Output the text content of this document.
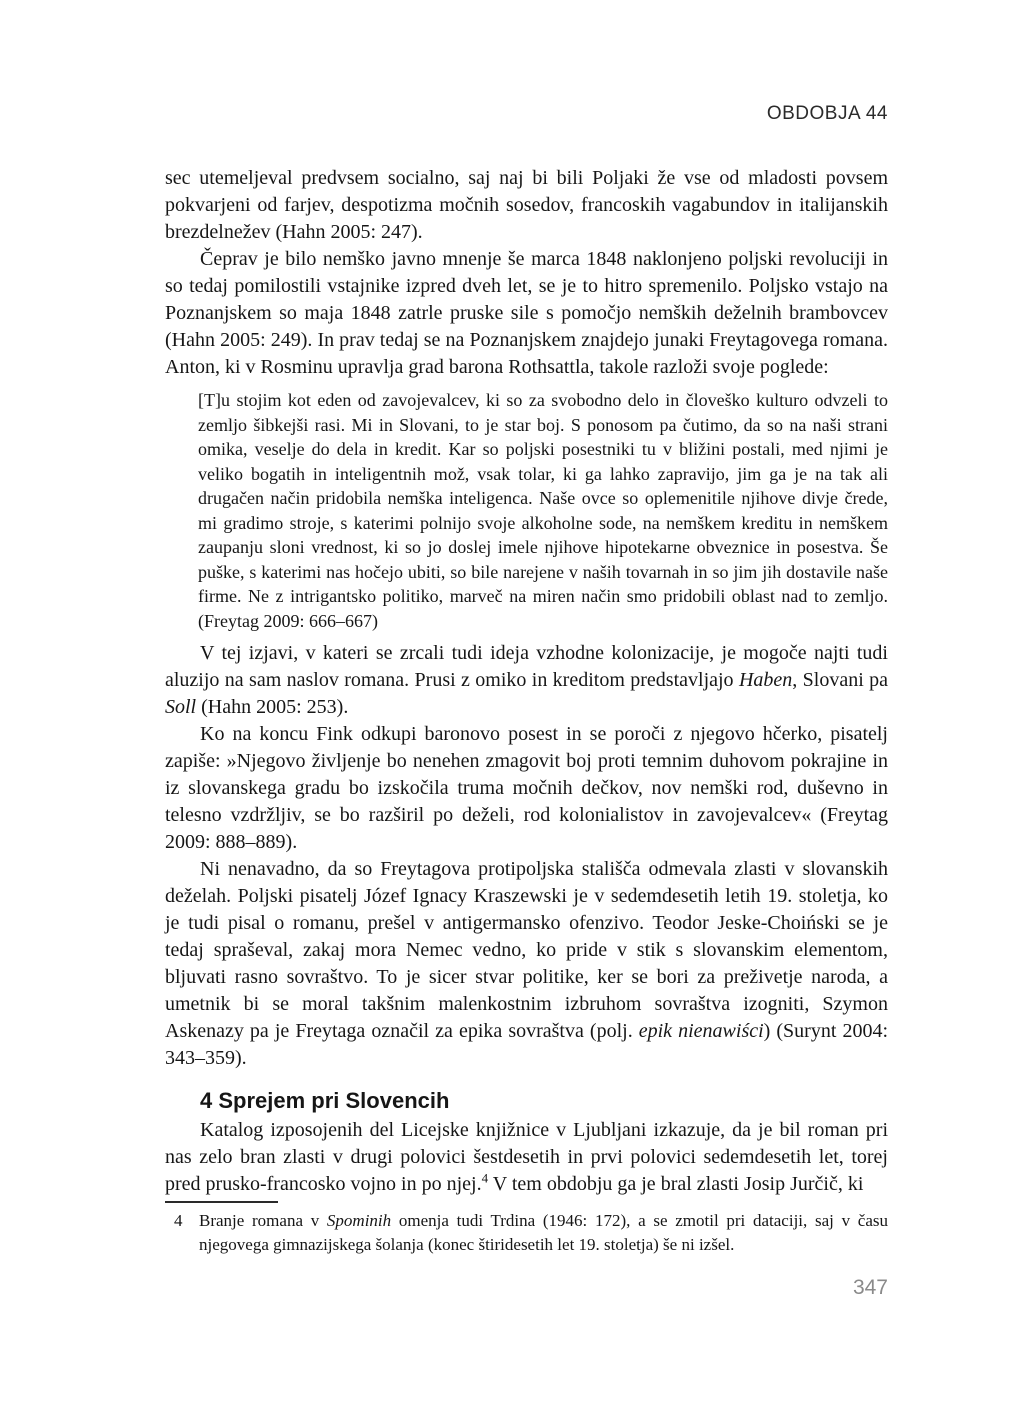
OBDOBJA 44

sec utemeljeval predvsem socialno, saj naj bi bili Poljaki že vse od mladosti povsem pokvarjeni od farjev, despotizma močnih sosedov, francoskih vagabundov in italijanskih brezdelnežev (Hahn 2005: 247).

Čeprav je bilo nemško javno mnenje še marca 1848 naklonjeno poljski revoluciji in so tedaj pomilostili vstajnike izpred dveh let, se je to hitro spremenilo. Poljsko vstajo na Poznanjskem so maja 1848 zatrle pruske sile s pomočjo nemških deželnih brambovcev (Hahn 2005: 249). In prav tedaj se na Poznanjskem znajdejo junaki Freytagovega romana. Anton, ki v Rosminu upravlja grad barona Rothsattla, takole razloži svoje poglede:

[T]u stojim kot eden od zavojevalcev, ki so za svobodno delo in človeško kulturo odvzeli to zemljo šibkejši rasi. Mi in Slovani, to je star boj. S ponosom pa čutimo, da so na naši strani omika, veselje do dela in kredit. Kar so poljski posestniki tu v bližini postali, med njimi je veliko bogatih in inteligentnih mož, vsak tolar, ki ga lahko zapravijo, jim ga je na tak ali drugačen način pridobila nemška inteligenca. Naše ovce so oplemenitile njihove divje črede, mi gradimo stroje, s katerimi polnijo svoje alkoholne sode, na nemškem kreditu in nemškem zaupanju sloni vrednost, ki so jo doslej imele njihove hipotekarne obveznice in posestva. Še puške, s katerimi nas hočejo ubiti, so bile narejene v naših tovarnah in so jim jih dostavile naše firme. Ne z intrigantsko politiko, marveč na miren način smo pridobili oblast nad to zemljo. (Freytag 2009: 666–667)

V tej izjavi, v kateri se zrcali tudi ideja vzhodne kolonizacije, je mogoče najti tudi aluzijo na sam naslov romana. Prusi z omiko in kreditom predstavljajo Haben, Slovani pa Soll (Hahn 2005: 253).

Ko na koncu Fink odkupi baronovo posest in se poroči z njegovo hčerko, pisatelj zapiše: »Njegovo življenje bo nenehen zmagovit boj proti temnim duhovom pokrajine in iz slovanskega gradu bo izskočila truma močnih dečkov, nov nemški rod, duševno in telesno vzdržljiv, se bo razširil po deželi, rod kolonialistov in zavojevalcev« (Freytag 2009: 888–889).

Ni nenavadno, da so Freytagova protipoljska stališča odmevala zlasti v slovanskih deželah. Poljski pisatelj Józef Ignacy Kraszewski je v sedemdesetih letih 19. stoletja, ko je tudi pisal o romanu, prešel v antigermansko ofenzivo. Teodor Jeske-Choiński se je tedaj spraševal, zakaj mora Nemec vedno, ko pride v stik s slovanskim elementom, bljuvati rasno sovraštvo. To je sicer stvar politike, ker se bori za preživetje naroda, a umetnik bi se moral takšnim malenkostnim izbruhom sovraštva izogniti, Szymon Askenazy pa je Freytaga označil za epika sovraštva (polj. epik nienawiści) (Surynt 2004: 343–359).

4 Sprejem pri Slovencih

Katalog izposojenih del Licejske knjižnice v Ljubljani izkazuje, da je bil roman pri nas zelo bran zlasti v drugi polovici šestdesetih in prvi polovici sedemdesetih let, torej pred prusko-francosko vojno in po njej.$^4$ V tem obdobju ga je bral zlasti Josip Jurčič, ki

4 Branje romana v Spominih omenja tudi Trdina (1946: 172), a se zmotil pri dataciji, saj v času njegovega gimnazijskega šolanja (konec štiridesetih let 19. stoletja) še ni izšel.
347
